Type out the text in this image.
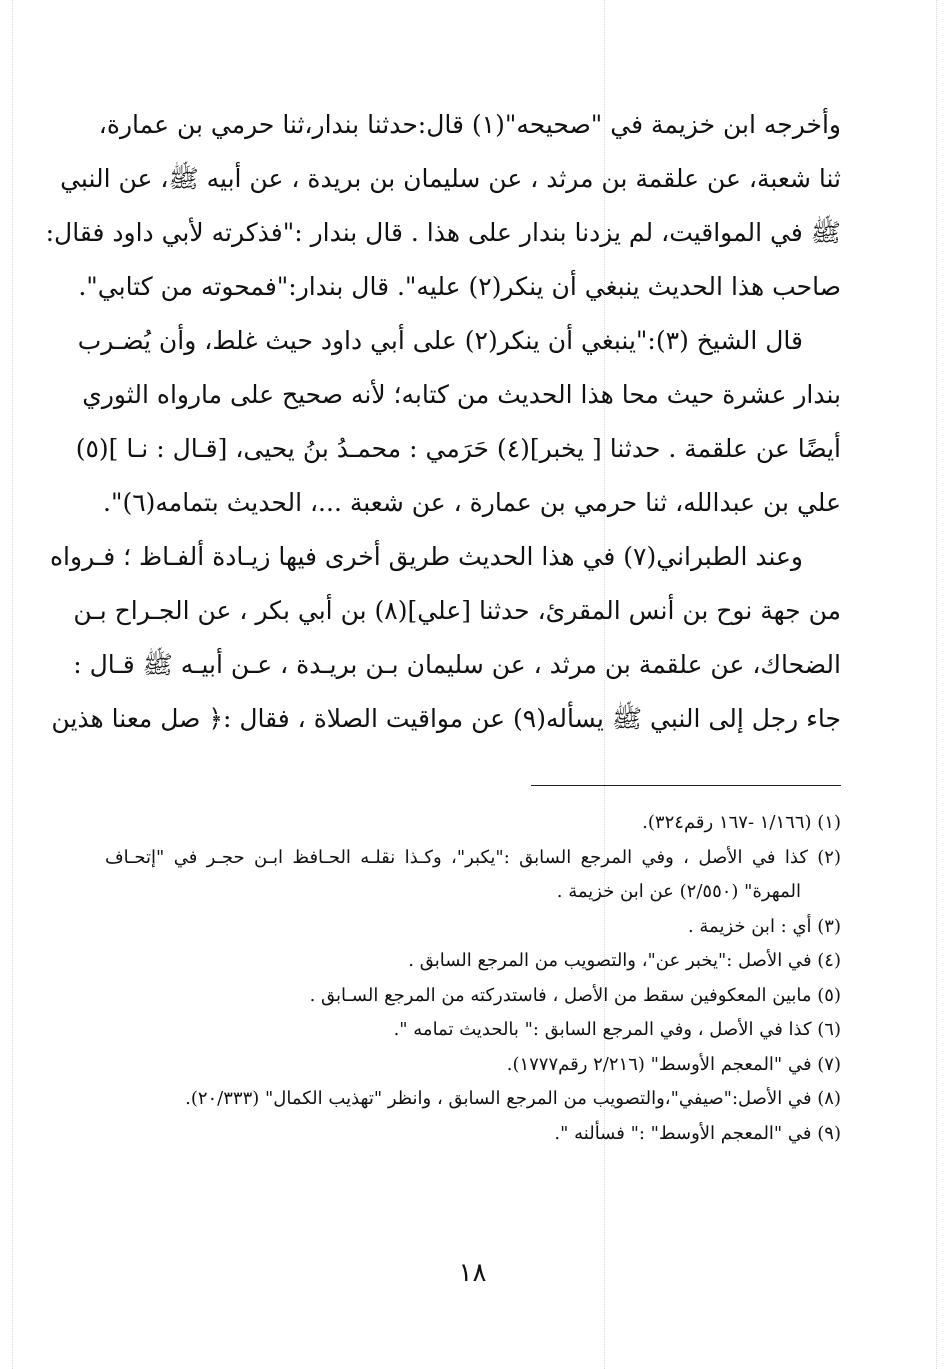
وأخرجه ابن خزيمة في "صحيحه"(١) قال:حدثنا بندار،ثنا حرمي بن عمارة،

ثنا شعبة، عن علقمة بن مرثد ، عن سليمان بن بريدة ، عن أبيه ﷺ، عن النبي

ﷺ في المواقيت، لم يزدنا بندار على هذا . قال بندار :"فذكرته لأبي داود فقال:

صاحب هذا الحديث ينبغي أن ينكر(٢) عليه". قال بندار:"فمحوته من كتابي".

قال الشيخ (٣):"ينبغي أن ينكر(٢) على أبي داود حيث غلط، وأن يُضـرب

بندار عشرة حيث محا هذا الحديث من كتابه؛ لأنه صحيح على مارواه الثوري

أيضًا عن علقمة . حدثنا [ يخبر](٤) حَرَمي : محمـدُ بنُ يحيى، [قـال : نـا ](٥)

علي بن عبدالله، ثنا حرمي بن عمارة ، عن شعبة ...، الحديث بتمامه(٦)".

وعند الطبراني(٧) في هذا الحديث طريق أخرى فيها زيـادة ألفـاظ ؛ فـرواه

من جهة نوح بن أنس المقرئ، حدثنا [علي](٨) بن أبي بكر ، عن الجـراح بـن

الضحاك، عن علقمة بن مرثد ، عن سليمان بـن بريـدة ، عـن أبيـه ﷺ قـال :

جاء رجل إلى النبي ﷺ يسأله(٩) عن مواقيت الصلاة ، فقال :﴿ صل معنا هذين

(١) (١/١٦٦ -١٦٧ رقم٣٢٤).
(٢) كذا في الأصل ، وفي المرجع السابق :"يكبر"، وكـذا نقلـه الحـافظ ابـن حجـر في "إتحـاف
المهرة" (٢/٥٥٠) عن ابن خزيمة .
(٣) أي : ابن خزيمة .
(٤) في الأصل :"يخبر عن"، والتصويب من المرجع السابق .
(٥) مابين المعكوفين سقط من الأصل ، فاستدركته من المرجع السـابق .
(٦) كذا في الأصل ، وفي المرجع السابق :" بالحديث تمامه ".
(٧) في "المعجم الأوسط" (٢/٢١٦ رقم١٧٧٧).
(٨) في الأصل:"صيفي"،والتصويب من المرجع السابق ، وانظر "تهذيب الكمال" (٢٠/٣٣٣).
(٩) في "المعجم الأوسط" :" فسألنه ".
١٨
